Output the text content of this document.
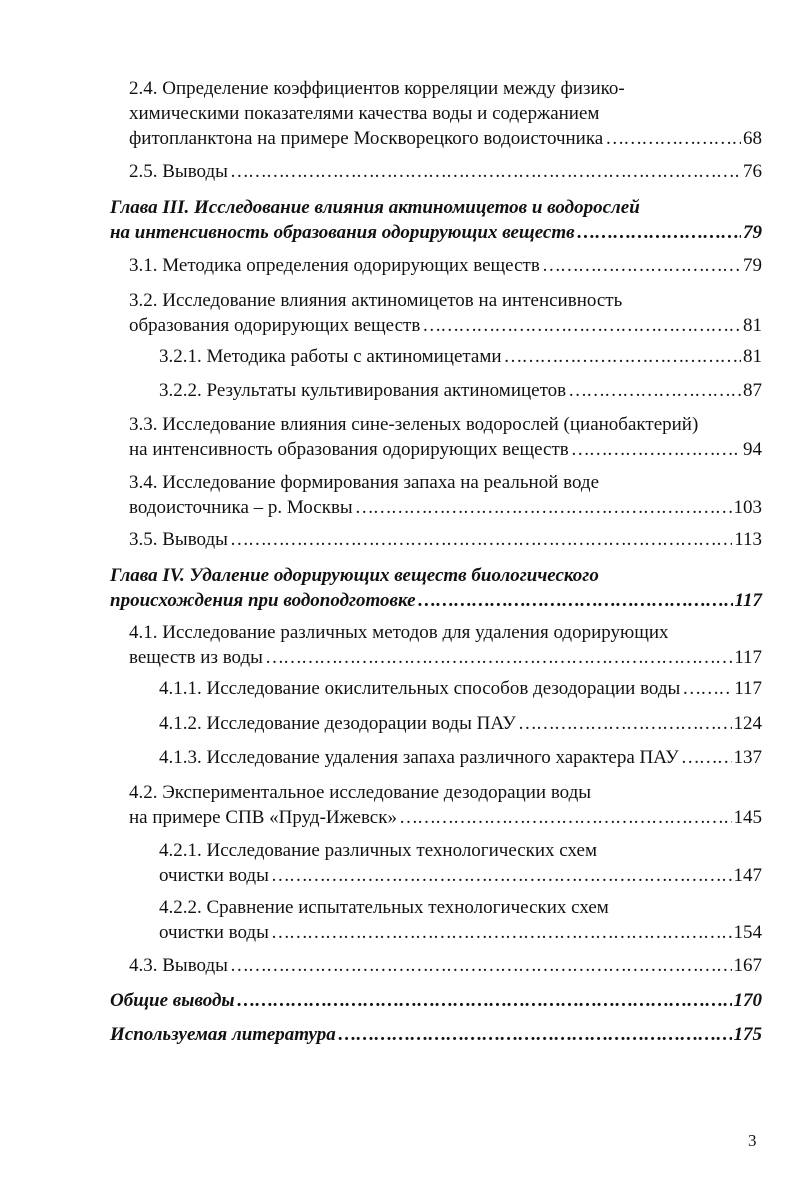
2.4. Определение коэффициентов корреляции между физико-
химическими показателями качества воды и содержанием
фитопланктона на примере Москворецкого водоисточника ………………………………………………………………………………………………………………………………………………………………………………………………………………………………………………	68
2.5. Выводы ………………………………………………………………………………………………………………………………………………………………………………………………………………………………………………	76
Глава III. Исследование влияния актиномицетов и водорослей
на интенсивность образования одорирующих веществ ………………………………………………………………………………………………………………………………………………………………………………………………………………………………………………	79
3.1. Методика определения одорирующих веществ ………………………………………………………………………………………………………………………………………………………………………………………………………………………………………………	79
3.2. Исследование влияния актиномицетов на интенсивность
образования одорирующих веществ ………………………………………………………………………………………………………………………………………………………………………………………………………………………………………………	81
3.2.1. Методика работы с актиномицетами ………………………………………………………………………………………………………………………………………………………………………………………………………………………………………………	81
3.2.2. Результаты культивирования актиномицетов ………………………………………………………………………………………………………………………………………………………………………………………………………………………………………………	87
3.3. Исследование влияния сине-зеленых водорослей (цианобактерий)
на интенсивность образования одорирующих веществ ………………………………………………………………………………………………………………………………………………………………………………………………………………………………………………	94
3.4. Исследование формирования запаха на реальной воде
водоисточника – р. Москвы ………………………………………………………………………………………………………………………………………………………………………………………………………………………………………………	103
3.5. Выводы ………………………………………………………………………………………………………………………………………………………………………………………………………………………………………………	113
Глава IV. Удаление одорирующих веществ биологического
происхождения при водоподготовке ………………………………………………………………………………………………………………………………………………………………………………………………………………………………………………	117
4.1. Исследование различных методов для удаления одорирующих
веществ из воды ………………………………………………………………………………………………………………………………………………………………………………………………………………………………………………	117
4.1.1. Исследование окислительных способов дезодорации воды ………………………………………………………………………………………………………………………………………………………………………………………………………………………………………………	117
4.1.2. Исследование дезодорации воды ПАУ ………………………………………………………………………………………………………………………………………………………………………………………………………………………………………………	124
4.1.3. Исследование удаления запаха различного характера ПАУ ………………………………………………………………………………………………………………………………………………………………………………………………………………………………………………	137
4.2. Экспериментальное исследование дезодорации воды
на примере СПВ «Пруд-Ижевск» ………………………………………………………………………………………………………………………………………………………………………………………………………………………………………………	145
4.2.1. Исследование различных технологических схем
очистки воды ………………………………………………………………………………………………………………………………………………………………………………………………………………………………………………	147
4.2.2. Сравнение испытательных технологических схем
очистки воды ………………………………………………………………………………………………………………………………………………………………………………………………………………………………………………	154
4.3. Выводы ………………………………………………………………………………………………………………………………………………………………………………………………………………………………………………	167
Общие выводы ………………………………………………………………………………………………………………………………………………………………………………………………………………………………………………	170
Используемая литература ………………………………………………………………………………………………………………………………………………………………………………………………………………………………………………	175
3
